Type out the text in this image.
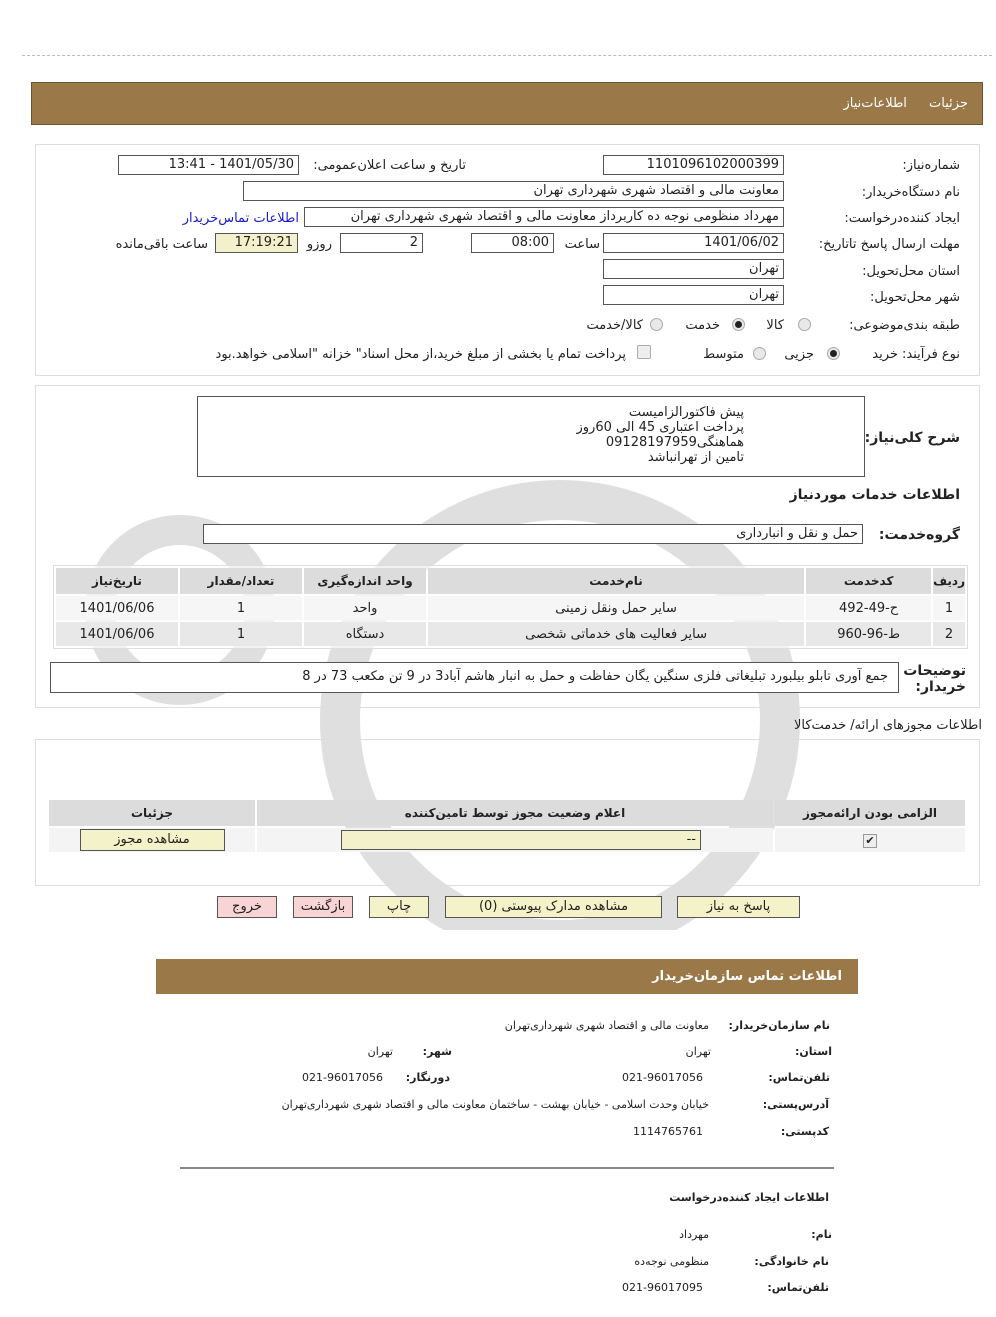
جزئیات اطلاعات‌نیاز
شماره‌نیاز:
1101096102000399
تاریخ و ساعت اعلان‌عمومی:
1401/05/30 - 13:41
نام دستگاه‌خریدار:
معاونت مالی و اقتصاد شهری شهرداری تهران
ایجاد کننده‌درخواست:
مهرداد منظومی نوجه ده کاربرداز معاونت مالی و اقتصاد شهری شهرداری تهران
اطلاعات تماس‌خریدار
مهلت ارسال پاسخ تا‌تاریخ:
1401/06/02
ساعت
08:00
2
روزو
17:19:21
ساعت باقی‌مانده
استان محل‌تحویل:
تهران
شهر محل‌تحویل:
تهران
طبقه بندی‌موضوعی:
کالا
خدمت
کالا/خدمت
نوع فرآیند: خرید
جزیی
متوسط
پرداخت تمام یا بخشی از مبلغ خرید،از محل اسناد" خزانه "اسلامی خواهد.بود
شرح کلی‌نیاز:
پیش فاکتورالزامیست
پرداخت اعتباری 45 الی 60روز
هماهنگی09128197959
تامین از تهرانباشد
اطلاعات خدمات موردنیاز
گروه‌خدمت:
حمل و نقل و انبارداری
ردیف	کدخدمت	نام‌خدمت	واحد اندازه‌گیری	تعداد/مقدار	تاریخ‌نیاز
1	ح-49-492	سایر حمل ونقل زمینی	واحد	1	1401/06/06
2	ط-96-960	سایر فعالیت های خدماتی شخصی	دستگاه	1	1401/06/06
توضیحات خریدار:
جمع آوری تابلو بیلبورد تبلیغاتی فلزی سنگین یگان حفاظت و حمل به انبار هاشم آباد3 در 9 تن مکعب 73 در 8
اطلاعات مجوزهای ارائه/ خدمت‌کالا
الزامی بودن ارائه‌مجوز	اعلام وضعیت مجوز توسط تامین‌کننده	جزئیات
✔	--	مشاهده مجوز
پاسخ به نیاز
مشاهده مدارک پیوستی (0)
چاپ
بازگشت
خروج
اطلاعات تماس سازمان‌خریدار
نام سازمان‌خریدار:
معاونت مالی و اقتصاد شهری شهرداری‌تهران
استان:
تهران
شهر:
تهران
تلفن‌تماس:
021-96017056
دورنگار:
021-96017056
آدرس‌پستی:
خیابان وحدت اسلامی - خیابان بهشت - ساختمان معاونت مالی و اقتصاد شهری شهرداری‌تهران
کدپستی:
1114765761
اطلاعات ایجاد کننده‌درخواست
نام:
مهرداد
نام خانوادگی:
منظومی نوجه‌ده
تلفن‌تماس:
021-96017095
